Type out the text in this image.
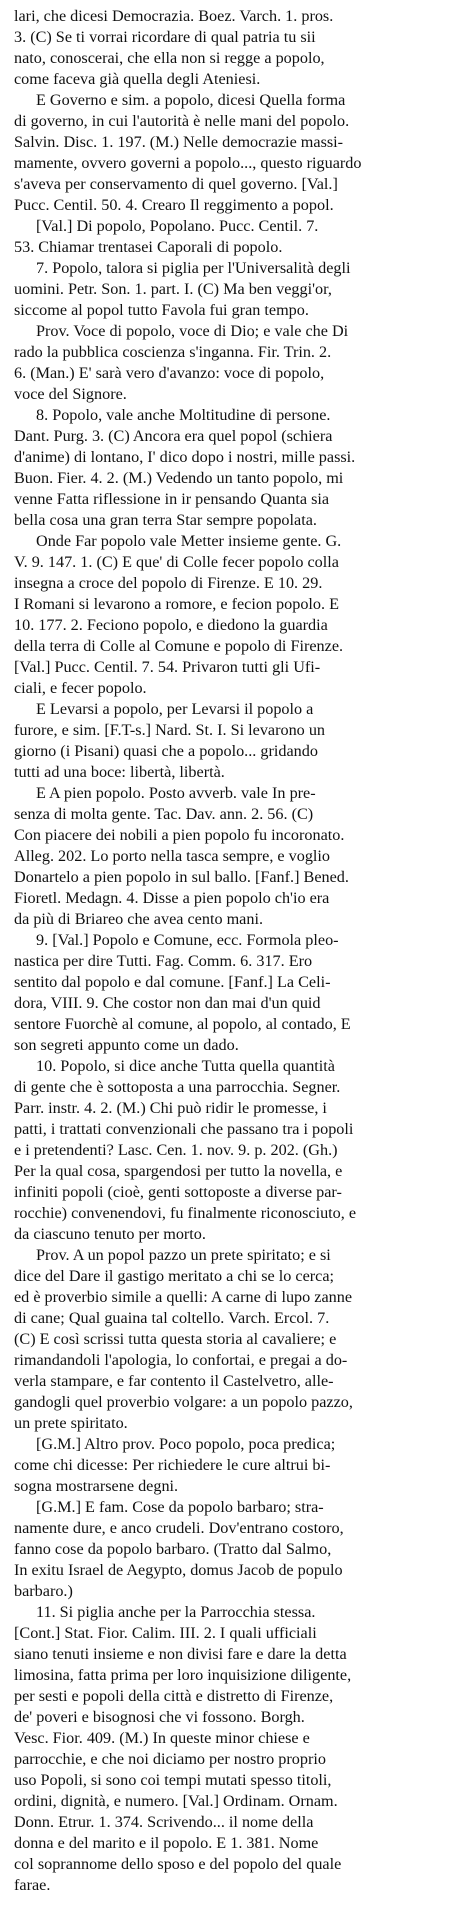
lari, che dicesi Democrazia. Boez. Varch. 1. pros.
3. (C) Se ti vorrai ricordare di qual patria tu sii
nato, conoscerai, che ella non si regge a popolo,
come faceva già quella degli Ateniesi.
E Governo e sim. a popolo, dicesi Quella forma
di governo, in cui l'autorità è nelle mani del popolo.
Salvin. Disc. 1. 197. (M.) Nelle democrazie massi-
mamente, ovvero governi a popolo..., questo riguardo
s'aveva per conservamento di quel governo. [Val.]
Pucc. Centil. 50. 4. Crearo Il reggimento a popol.
[Val.] Di popolo, Popolano. Pucc. Centil. 7.
53. Chiamar trentasei Caporali di popolo.
7. Popolo, talora si piglia per l'Universalità degli
uomini. Petr. Son. 1. part. I. (C) Ma ben veggi'or,
siccome al popol tutto Favola fui gran tempo.
Prov. Voce di popolo, voce di Dio; e vale che Di
rado la pubblica coscienza s'inganna. Fir. Trin. 2.
6. (Man.) E' sarà vero d'avanzo: voce di popolo,
voce del Signore.
8. Popolo, vale anche Moltitudine di persone.
Dant. Purg. 3. (C) Ancora era quel popol (schiera
d'anime) di lontano, I' dico dopo i nostri, mille passi.
Buon. Fier. 4. 2. (M.) Vedendo un tanto popolo, mi
venne Fatta riflessione in ir pensando Quanta sia
bella cosa una gran terra Star sempre popolata.
Onde Far popolo vale Metter insieme gente. G.
V. 9. 147. 1. (C) E que' di Colle fecer popolo colla
insegna a croce del popolo di Firenze. E 10. 29.
I Romani si levarono a romore, e fecion popolo. E
10. 177. 2. Feciono popolo, e diedono la guardia
della terra di Colle al Comune e popolo di Firenze.
[Val.] Pucc. Centil. 7. 54. Privaron tutti gli Ufi-
ciali, e fecer popolo.
E Levarsi a popolo, per Levarsi il popolo a
furore, e sim. [F.T-s.] Nard. St. I. Si levarono un
giorno (i Pisani) quasi che a popolo... gridando
tutti ad una boce: libertà, libertà.
E A pien popolo. Posto avverb. vale In pre-
senza di molta gente. Tac. Dav. ann. 2. 56. (C)
Con piacere dei nobili a pien popolo fu incoronato.
Alleg. 202. Lo porto nella tasca sempre, e voglio
Donartelo a pien popolo in sul ballo. [Fanf.] Bened.
Fioretl. Medagn. 4. Disse a pien popolo ch'io era
da più di Briareo che avea cento mani.
9. [Val.] Popolo e Comune, ecc. Formola pleo-
nastica per dire Tutti. Fag. Comm. 6. 317. Ero
sentito dal popolo e dal comune. [Fanf.] La Celi-
dora, VIII. 9. Che costor non dan mai d'un quid
sentore Fuorchè al comune, al popolo, al contado, E
son segreti appunto come un dado.
10. Popolo, si dice anche Tutta quella quantità
di gente che è sottoposta a una parrocchia. Segner.
Parr. instr. 4. 2. (M.) Chi può ridir le promesse, i
patti, i trattati convenzionali che passano tra i popoli
e i pretendenti? Lasc. Cen. 1. nov. 9. p. 202. (Gh.)
Per la qual cosa, spargendosi per tutto la novella, e
infiniti popoli (cioè, genti sottoposte a diverse par-
rocchie) convenendovi, fu finalmente riconosciuto, e
da ciascuno tenuto per morto.
Prov. A un popol pazzo un prete spiritato; e si
dice del Dare il gastigo meritato a chi se lo cerca;
ed è proverbio simile a quelli: A carne di lupo zanne
di cane; Qual guaina tal coltello. Varch. Ercol. 7.
(C) E così scrissi tutta questa storia al cavaliere; e
rimandandoli l'apologia, lo confortai, e pregai a do-
verla stampare, e far contento il Castelvetro, alle-
gandogli quel proverbio volgare: a un popolo pazzo,
un prete spiritato.
[G.M.] Altro prov. Poco popolo, poca predica;
come chi dicesse: Per richiedere le cure altrui bi-
sogna mostrarsene degni.
[G.M.] E fam. Cose da popolo barbaro; stra-
namente dure, e anco crudeli. Dov'entrano costoro,
fanno cose da popolo barbaro. (Tratto dal Salmo,
In exitu Israel de Aegypto, domus Jacob de populo
barbaro.)
11. Si piglia anche per la Parrocchia stessa.
[Cont.] Stat. Fior. Calim. III. 2. I quali ufficiali
siano tenuti insieme e non divisi fare e dare la detta
limosina, fatta prima per loro inquisizione diligente,
per sesti e popoli della città e distretto di Firenze,
de' poveri e bisognosi che vi fossono. Borgh.
Vesc. Fior. 409. (M.) In queste minor chiese e
parrocchie, e che noi diciamo per nostro proprio
uso Popoli, si sono coi tempi mutati spesso titoli,
ordini, dignità, e numero. [Val.] Ordinam. Ornam.
Donn. Etrur. 1. 374. Scrivendo... il nome della
donna e del marito e il popolo. E 1. 381. Nome
col soprannome dello sposo e del popolo del quale
farae.
